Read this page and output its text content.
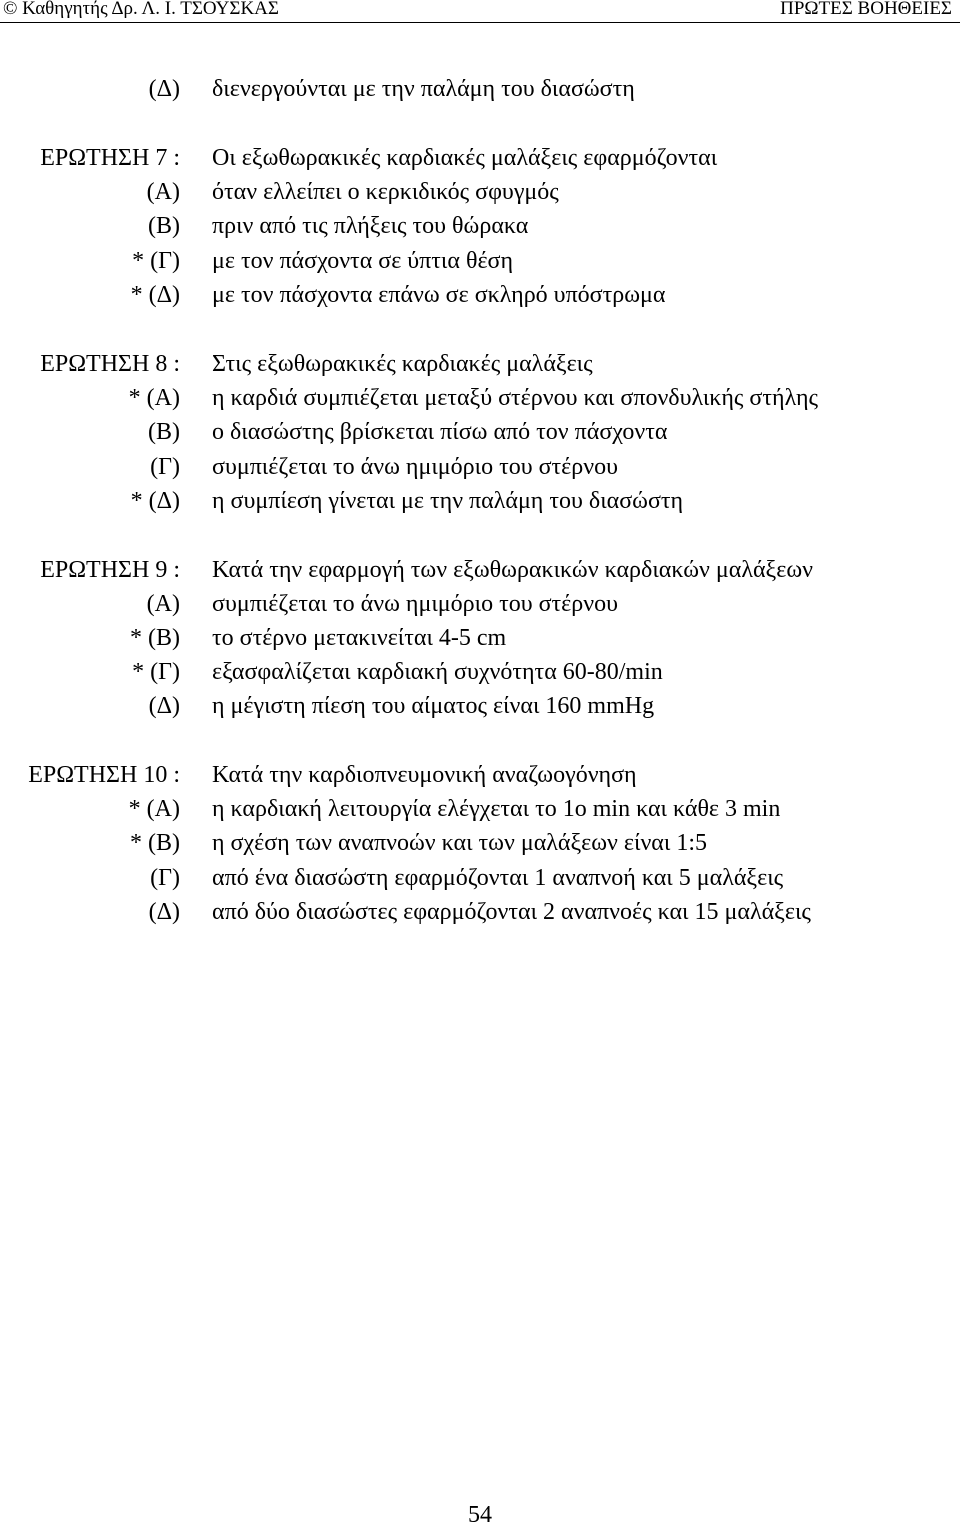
© Καθηγητής Δρ. Λ. Ι. ΤΣΟΥΣΚΑΣ	ΠΡΩΤΕΣ ΒΟΗΘΕΙΕΣ
(Δ) διενεργούνται με την παλάμη του διασώστη
ΕΡΩΤΗΣΗ 7 : Οι εξωθωρακικές καρδιακές μαλάξεις εφαρμόζονται
(Α) όταν ελλείπει ο κερκιδικός σφυγμός
(Β) πριν από τις πλήξεις του θώρακα
* (Γ) με τον πάσχοντα σε ύπτια θέση
* (Δ) με τον πάσχοντα επάνω σε σκληρό υπόστρωμα
ΕΡΩΤΗΣΗ 8 : Στις εξωθωρακικές καρδιακές μαλάξεις
* (Α) η καρδιά συμπιέζεται μεταξύ στέρνου και σπονδυλικής στήλης
(Β) ο διασώστης βρίσκεται πίσω από τον πάσχοντα
(Γ) συμπιέζεται το άνω ημιμόριο του στέρνου
* (Δ) η συμπίεση γίνεται με την παλάμη του διασώστη
ΕΡΩΤΗΣΗ 9 : Κατά την εφαρμογή των εξωθωρακικών καρδιακών μαλάξεων
(Α) συμπιέζεται το άνω ημιμόριο του στέρνου
* (Β) το στέρνο μετακινείται 4-5 cm
* (Γ) εξασφαλίζεται καρδιακή συχνότητα 60-80/min
(Δ) η μέγιστη πίεση του αίματος είναι 160 mmHg
ΕΡΩΤΗΣΗ 10 : Κατά την καρδιοπνευμονική αναζωογόνηση
* (Α) η καρδιακή λειτουργία ελέγχεται το 1ο min και κάθε 3 min
* (Β) η σχέση των αναπνοών και των μαλάξεων είναι 1:5
(Γ) από ένα διασώστη εφαρμόζονται 1 αναπνοή και 5 μαλάξεις
(Δ) από δύο διασώστες εφαρμόζονται 2 αναπνοές και 15 μαλάξεις
54
